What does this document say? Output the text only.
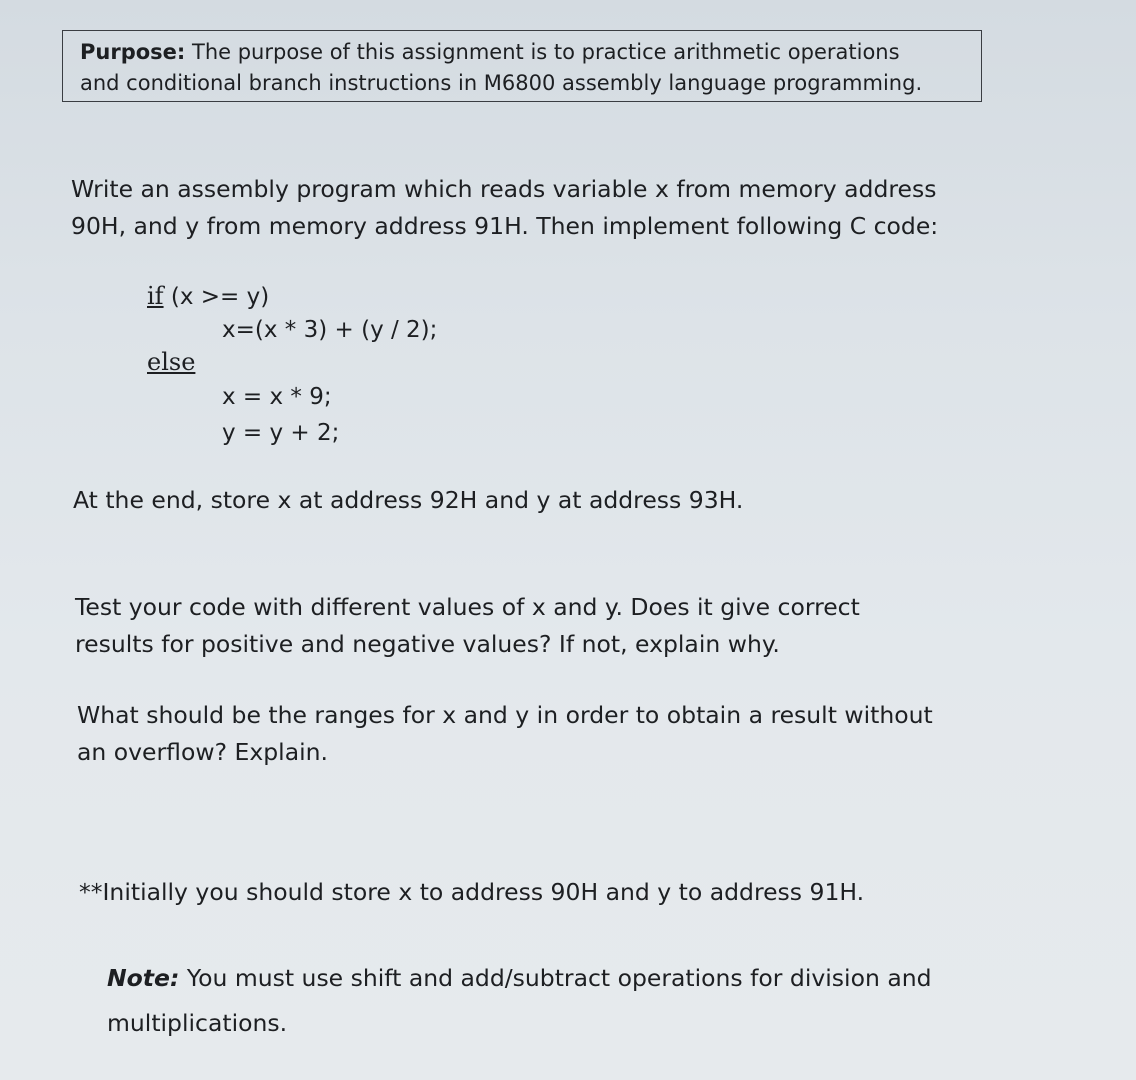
Purpose: The purpose of this assignment is to practice arithmetic operations
and conditional branch instructions in M6800 assembly language programming.

Write an assembly program which reads variable x from memory address

90H, and y from memory address 91H. Then implement following C code:

if (x >= y)
x=(x * 3) + (y / 2);
else
x = x * 9;
y = y + 2;

At the end, store x at address 92H and y at address 93H.

Test your code with different values of x and y. Does it give correct

results for positive and negative values? If not, explain why.

What should be the ranges for x and y in order to obtain a result without

an overflow? Explain.

**Initially you should store x to address 90H and y to address 91H.

Note: You must use shift and add/subtract operations for division and

multiplications.
